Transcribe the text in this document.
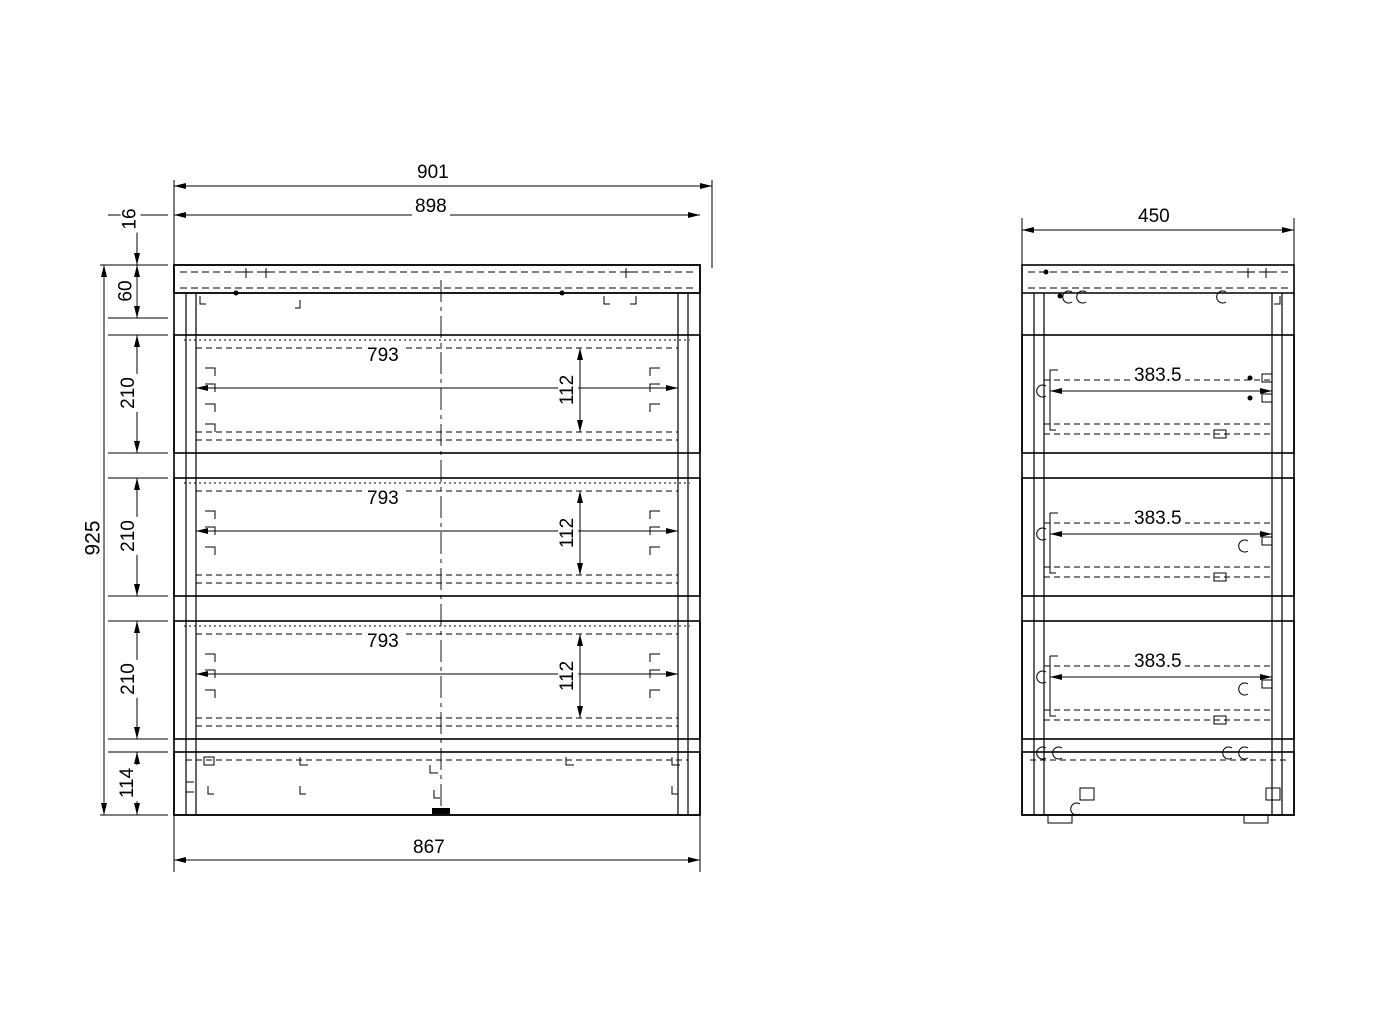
901
898
16
60
210
210
210
114
925
867
793
793
793
112
112
112
450
383.5
383.5
383.5
